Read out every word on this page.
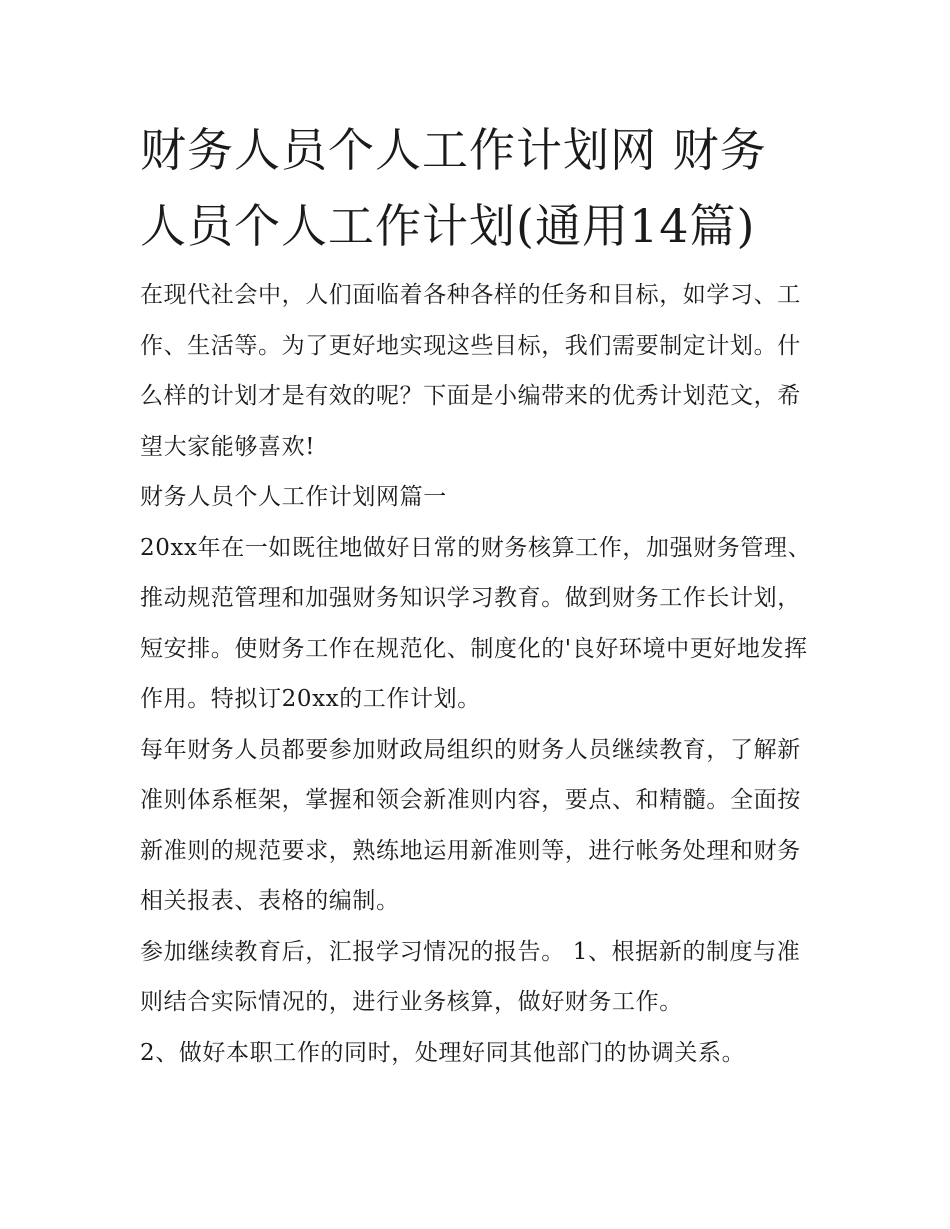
财务人员个人工作计划网 财务人员个人工作计划(通用14篇)

在现代社会中，人们面临着各种各样的任务和目标，如学习、工作、生活等。为了更好地实现这些目标，我们需要制定计划。什么样的计划才是有效的呢？下面是小编带来的优秀计划范文，希望大家能够喜欢!

财务人员个人工作计划网篇一

20xx年在一如既往地做好日常的财务核算工作，加强财务管理、推动规范管理和加强财务知识学习教育。做到财务工作长计划，短安排。使财务工作在规范化、制度化的'良好环境中更好地发挥作用。特拟订20xx的工作计划。

每年财务人员都要参加财政局组织的财务人员继续教育，了解新准则体系框架，掌握和领会新准则内容，要点、和精髓。全面按新准则的规范要求，熟练地运用新准则等，进行帐务处理和财务相关报表、表格的编制。

参加继续教育后，汇报学习情况的报告。 1、根据新的制度与准则结合实际情况的，进行业务核算，做好财务工作。

2、做好本职工作的同时，处理好同其他部门的协调关系。
